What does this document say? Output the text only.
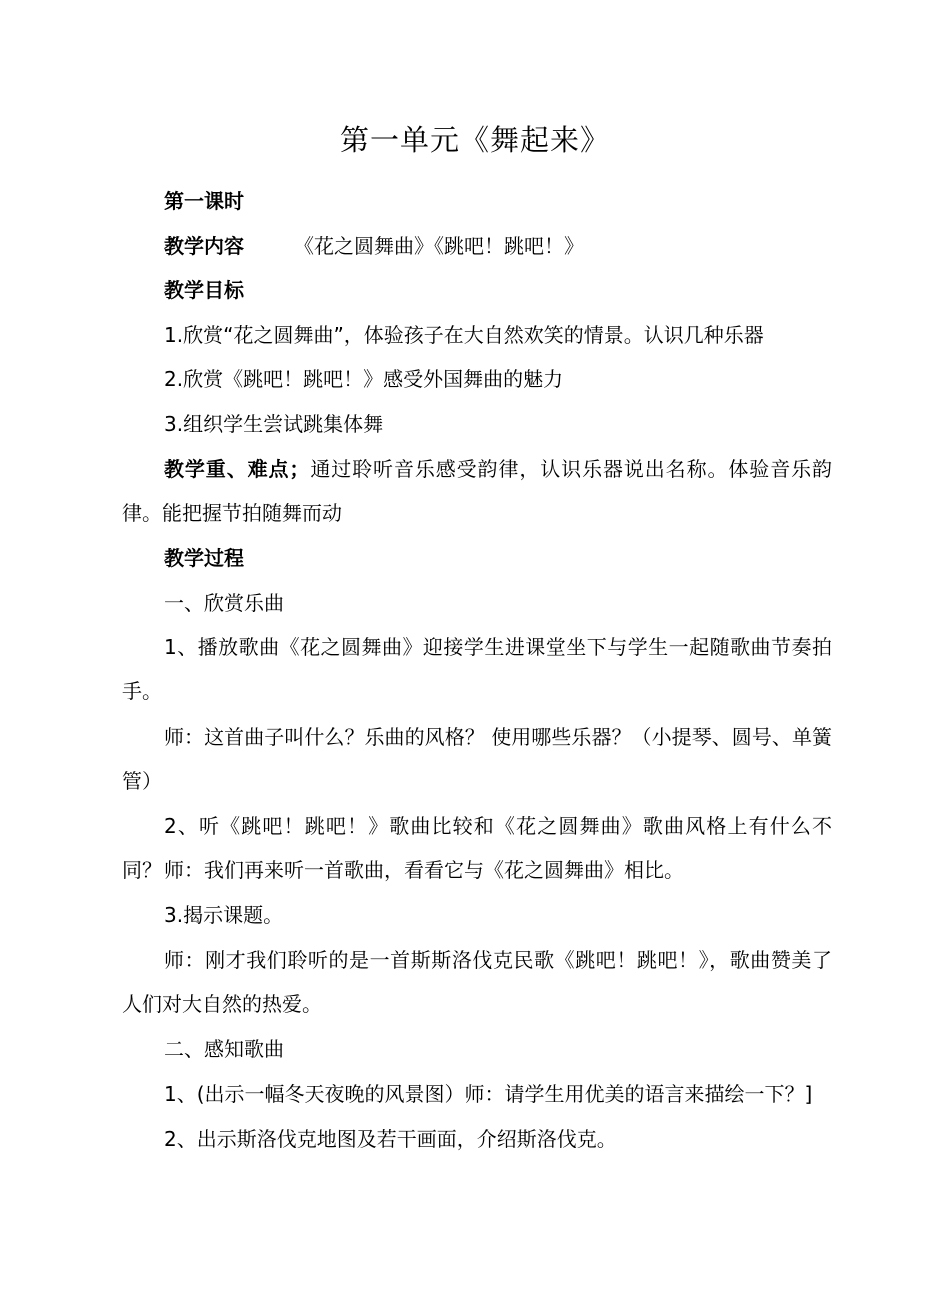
第一单元《舞起来》
第一课时
教学内容	《花之圆舞曲》《跳吧！跳吧！》
教学目标
1.欣赏“花之圆舞曲”，体验孩子在大自然欢笑的情景。认识几种乐器
2.欣赏《跳吧！跳吧！》感受外国舞曲的魅力
3.组织学生尝试跳集体舞
教学重、难点；通过聆听音乐感受韵律，认识乐器说出名称。体验音乐韵律。能把握节拍随舞而动
教学过程
一、欣赏乐曲
1、播放歌曲《花之圆舞曲》迎接学生进课堂坐下与学生一起随歌曲节奏拍手。
师：这首曲子叫什么？乐曲的风格？ 使用哪些乐器？（小提琴、圆号、单簧管）
2、听《跳吧！跳吧！》歌曲比较和《花之圆舞曲》歌曲风格上有什么不同？ 师：我们再来听一首歌曲，看看它与《花之圆舞曲》相比。
3.揭示课题。
师：刚才我们聆听的是一首斯斯洛伐克民歌《跳吧！跳吧！》，歌曲赞美了人们对大自然的热爱。
二、感知歌曲
1、(出示一幅冬天夜晚的风景图）师：请学生用优美的语言来描绘一下？]
2、出示斯洛伐克地图及若干画面，介绍斯洛伐克。
